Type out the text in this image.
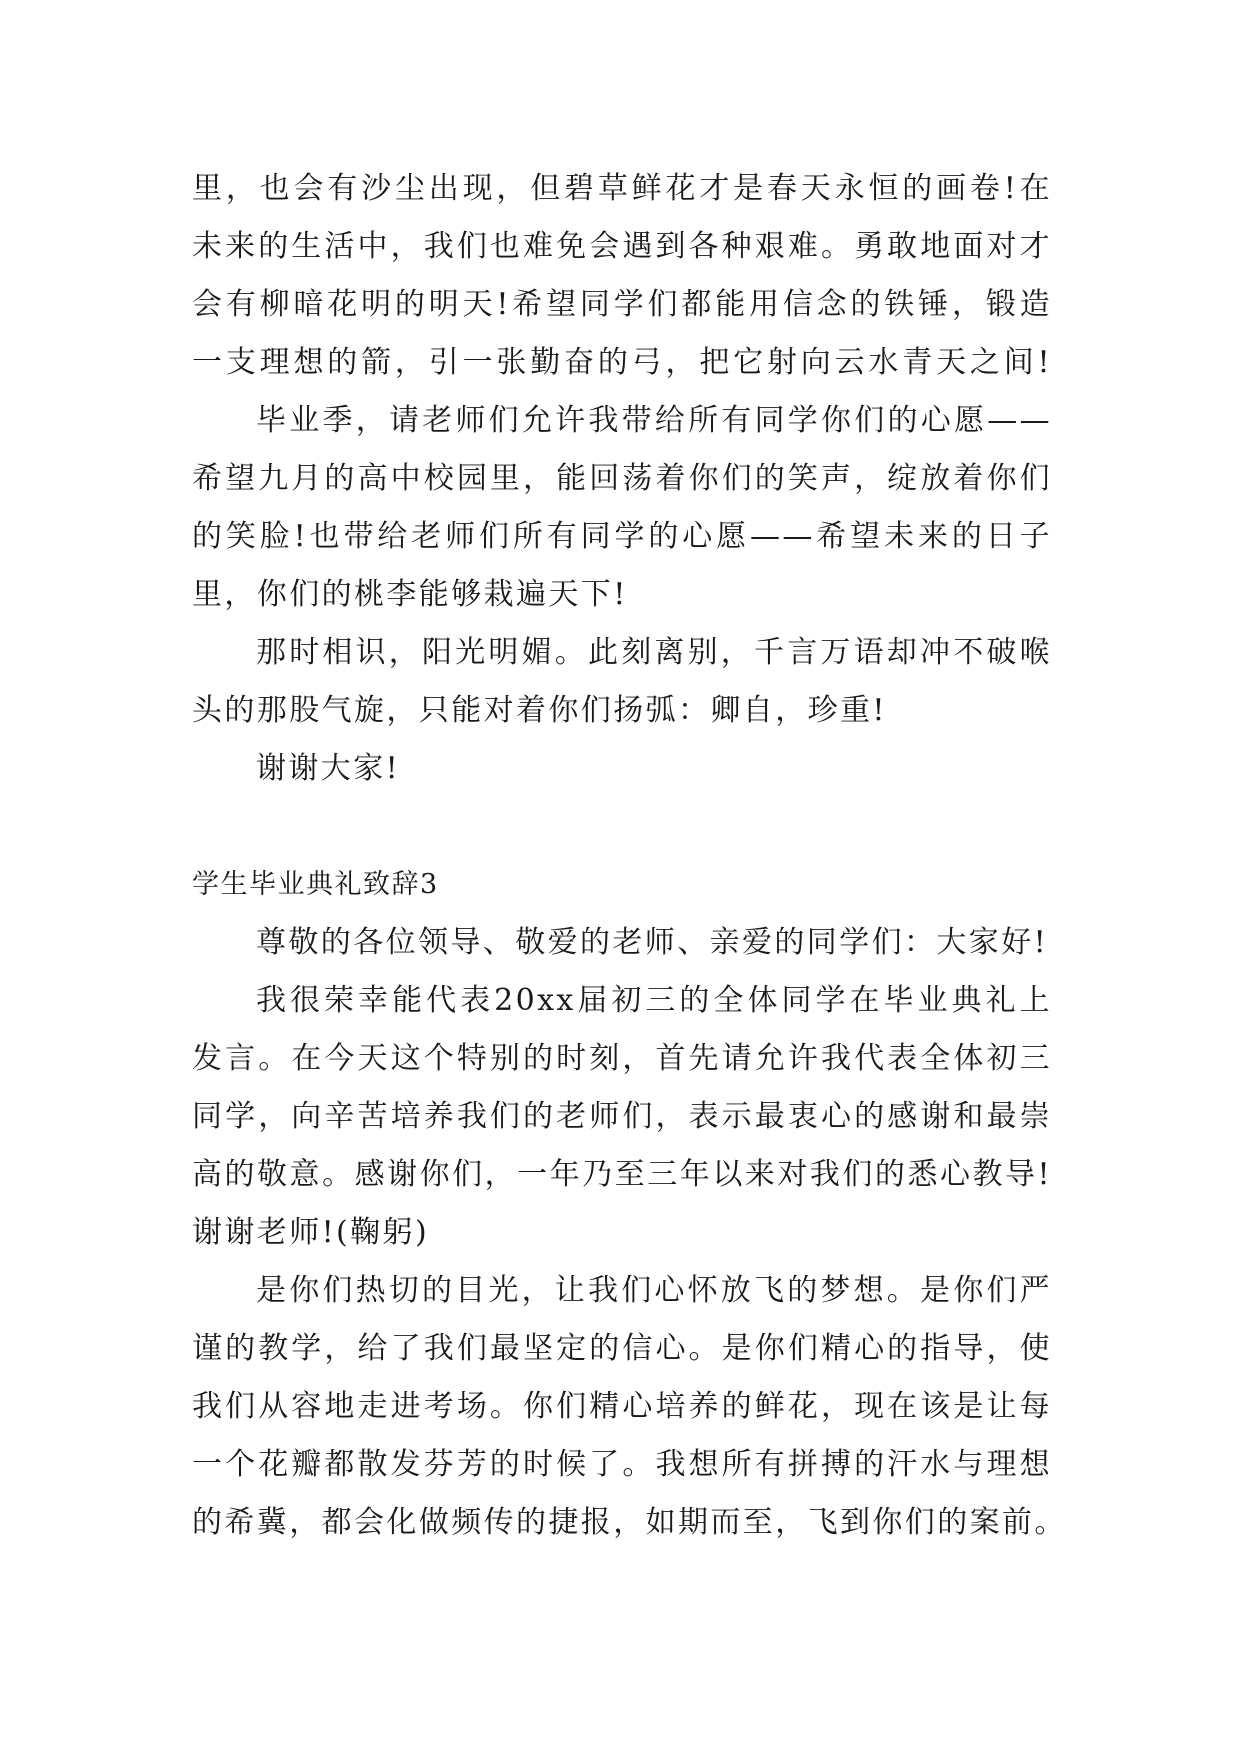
里，也会有沙尘出现，但碧草鲜花才是春天永恒的画卷!在
未来的生活中，我们也难免会遇到各种艰难。勇敢地面对才
会有柳暗花明的明天!希望同学们都能用信念的铁锤，锻造
一支理想的箭，引一张勤奋的弓，把它射向云水青天之间!
毕业季，请老师们允许我带给所有同学你们的心愿——
希望九月的高中校园里，能回荡着你们的笑声，绽放着你们
的笑脸!也带给老师们所有同学的心愿——希望未来的日子
里，你们的桃李能够栽遍天下!
那时相识，阳光明媚。此刻离别，千言万语却冲不破喉
头的那股气旋，只能对着你们扬弧：卿自，珍重!
谢谢大家!
学生毕业典礼致辞3
尊敬的各位领导、敬爱的老师、亲爱的同学们：大家好!
我很荣幸能代表20xx届初三的全体同学在毕业典礼上
发言。在今天这个特别的时刻，首先请允许我代表全体初三
同学，向辛苦培养我们的老师们，表示最衷心的感谢和最崇
高的敬意。感谢你们，一年乃至三年以来对我们的悉心教导!
谢谢老师!(鞠躬)
是你们热切的目光，让我们心怀放飞的梦想。是你们严
谨的教学，给了我们最坚定的信心。是你们精心的指导，使
我们从容地走进考场。你们精心培养的鲜花，现在该是让每
一个花瓣都散发芬芳的时候了。我想所有拼搏的汗水与理想
的希冀，都会化做频传的捷报，如期而至，飞到你们的案前。
